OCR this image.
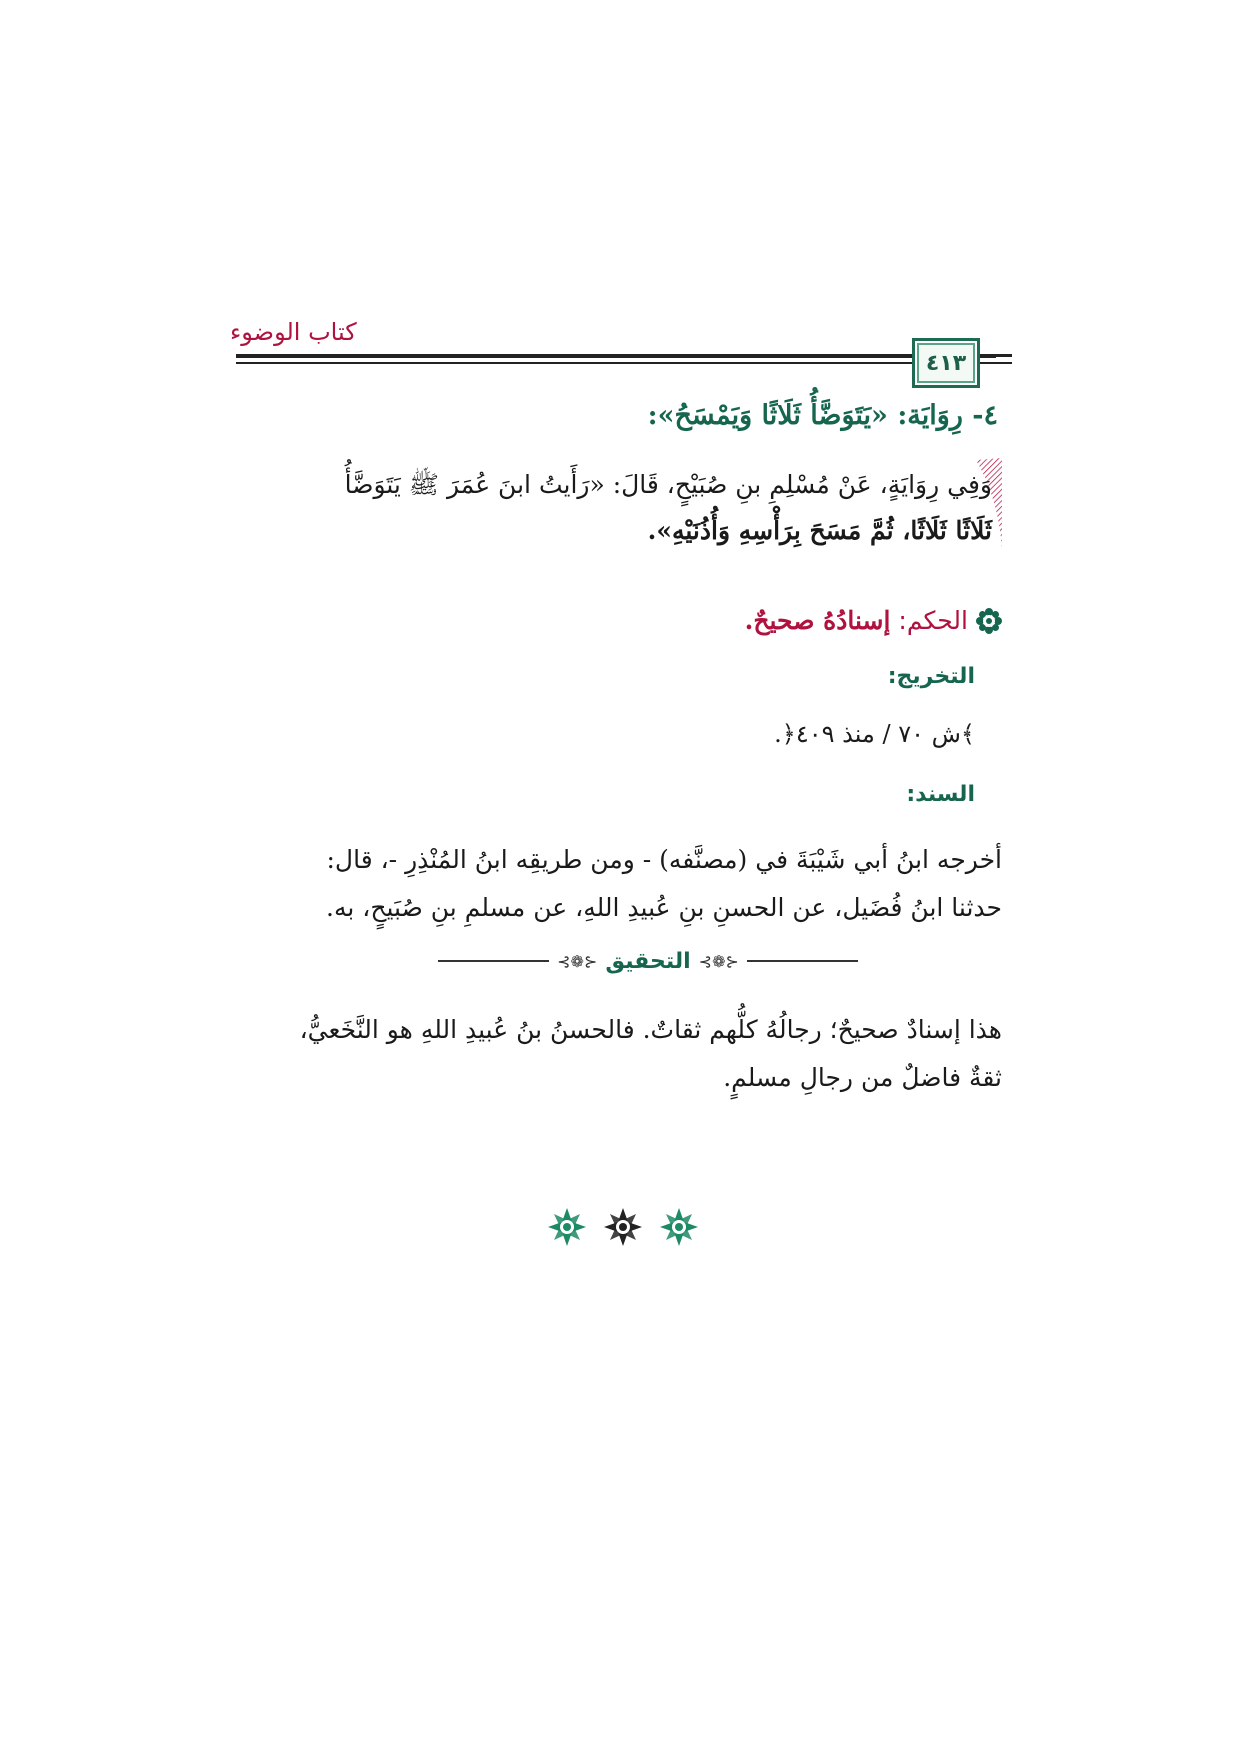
كتاب الوضوء
٤١٣
٤- رِوَايَة: «يَتَوَضَّأُ ثَلَاثًا وَيَمْسَحُ»:
وَفِي رِوَايَةٍ، عَنْ مُسْلِمِ بنِ صُبَيْحٍ، قَالَ: «رَأَيتُ ابنَ عُمَرَ ﷺ يَتَوَضَّأُ
ثَلَاثًا ثَلَاثًا، ثُمَّ مَسَحَ بِرَأْسِهِ وَأُذُنَيْهِ».
الحكم:
إسنادُهُ صحيحٌ.
التخريج:
﴾ش ٧٠ / منذ ٤٠٩﴿.
السند:
أخرجه ابنُ أبي شَيْبَةَ في (مصنَّفه) - ومن طريقِه ابنُ المُنْذِرِ -، قال:
حدثنا ابنُ فُضَيل، عن الحسنِ بنِ عُبيدِ اللهِ، عن مسلمِ بنِ صُبَيحٍ، به.
⊰❁⊱ التحقيق ⊰❁⊱
هذا إسنادٌ صحيحٌ؛ رجالُهُ كلُّهم ثقاتٌ. فالحسنُ بنُ عُبيدِ اللهِ هو النَّخَعيُّ،
ثقةٌ فاضلٌ من رجالِ مسلمٍ.
